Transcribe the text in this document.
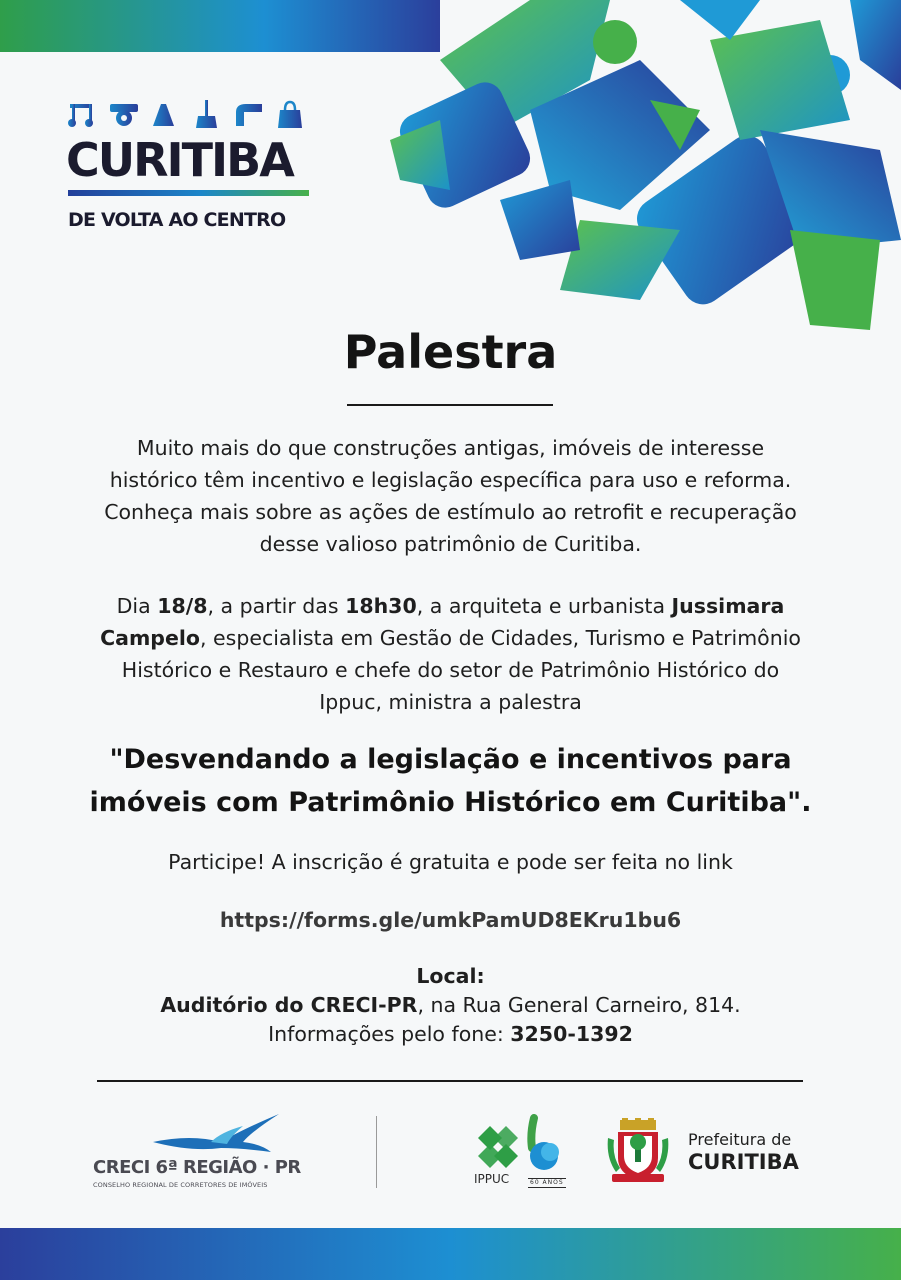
CURITIBA
DE VOLTA AO CENTRO
Palestra
Muito mais do que construções antigas, imóveis de interesse histórico têm incentivo e legislação específica para uso e reforma. Conheça mais sobre as ações de estímulo ao retrofit e recuperação desse valioso patrimônio de Curitiba.
Dia 18/8, a partir das 18h30, a arquiteta e urbanista Jussimara Campelo, especialista em Gestão de Cidades, Turismo e Patrimônio Histórico e Restauro e chefe do setor de Patrimônio Histórico do Ippuc, ministra a palestra
"Desvendando a legislação e incentivos para imóveis com Patrimônio Histórico em Curitiba".
Participe! A inscrição é gratuita e pode ser feita no link
https://forms.gle/umkPamUD8EKru1bu6
Local:
Auditório do CRECI-PR, na Rua General Carneiro, 814.
Informações pelo fone: 3250-1392
CRECI 6ª REGIÃO · PR
CONSELHO REGIONAL DE CORRETORES DE IMÓVEIS	IPPUC	60 ANOS
Prefeitura de
CURITIBA
